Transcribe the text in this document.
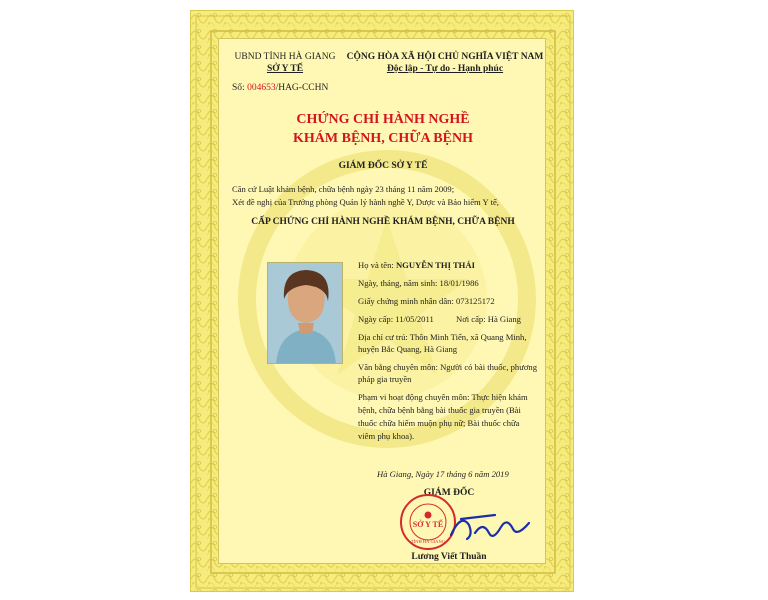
UBND TỈNH HÀ GIANG
SỞ Y TẾ
Số: 004653/HAG-CCHN
CỘNG HÒA XÃ HỘI CHỦ NGHĨA VIỆT NAM
Độc lập - Tự do - Hạnh phúc
CHỨNG CHỈ HÀNH NGHỀ
KHÁM BỆNH, CHỮA BỆNH
GIÁM ĐỐC SỞ Y TẾ
Căn cứ Luật khám bệnh, chữa bệnh ngày 23 tháng 11 năm 2009;
Xét đề nghị của Trưởng phòng Quản lý hành nghề Y, Dược và Bảo hiểm Y tế,
CẤP CHỨNG CHỈ HÀNH NGHỀ KHÁM BỆNH, CHỮA BỆNH
Họ và tên: NGUYỄN THỊ THÁI
Ngày, tháng, năm sinh: 18/01/1986
Giấy chứng minh nhân dân: 073125172
Ngày cấp: 11/05/2011	Nơi cấp: Hà Giang
Địa chỉ cư trú: Thôn Minh Tiến, xã Quang Minh,
huyện Bắc Quang, Hà Giang
Văn bằng chuyên môn: Người có bài thuốc, phương
pháp gia truyền
Phạm vi hoạt động chuyên môn: Thực hiện khám
bệnh, chữa bệnh bằng bài thuốc gia truyền (Bài
thuốc chữa hiếm muộn phụ nữ; Bài thuốc chữa
viêm phụ khoa).
Hà Giang, Ngày 17 tháng 6 năm 2019
GIÁM ĐỐC
SỞ Y TẾ
TỈNH HÀ GIANG
Lương Viết Thuần
